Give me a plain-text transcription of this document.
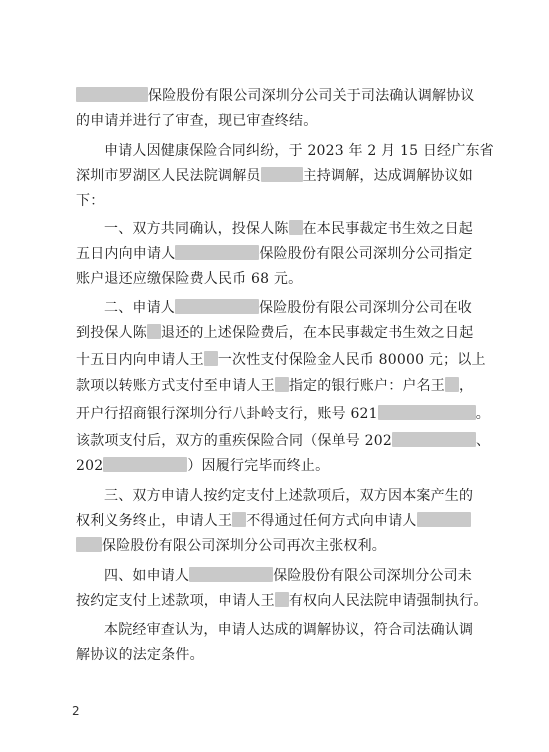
保险股份有限公司深圳分公司关于司法确认调解协议
的申请并进行了审查，现已审查终结。
申请人因健康保险合同纠纷，于 2023 年 2 月 15 日经广东省
深圳市罗湖区人民法院调解员	主持调解，达成调解协议如
下：
一、双方共同确认，投保人陈 在本民事裁定书生效之日起
五日内向申请人	保险股份有限公司深圳分公司指定
账户退还应缴保险费人民币 68 元。
二、申请人	保险股份有限公司深圳分公司在收
到投保人陈 退还的上述保险费后，在本民事裁定书生效之日起
十五日内向申请人王 一次性支付保险金人民币 80000 元；以上
款项以转账方式支付至申请人王 指定的银行账户：户名王 ，
开户行招商银行深圳分行八卦岭支行，账号 621	。
该款项支付后，双方的重疾保险合同（保单号 202	、
202	）因履行完毕而终止。
三、双方申请人按约定支付上述款项后，双方因本案产生的
权利义务终止，申请人王 不得通过任何方式向申请人
保险股份有限公司深圳分公司再次主张权利。
四、如申请人	保险股份有限公司深圳分公司未
按约定支付上述款项，申请人王 有权向人民法院申请强制执行。
本院经审查认为，申请人达成的调解协议，符合司法确认调
解协议的法定条件。
2
